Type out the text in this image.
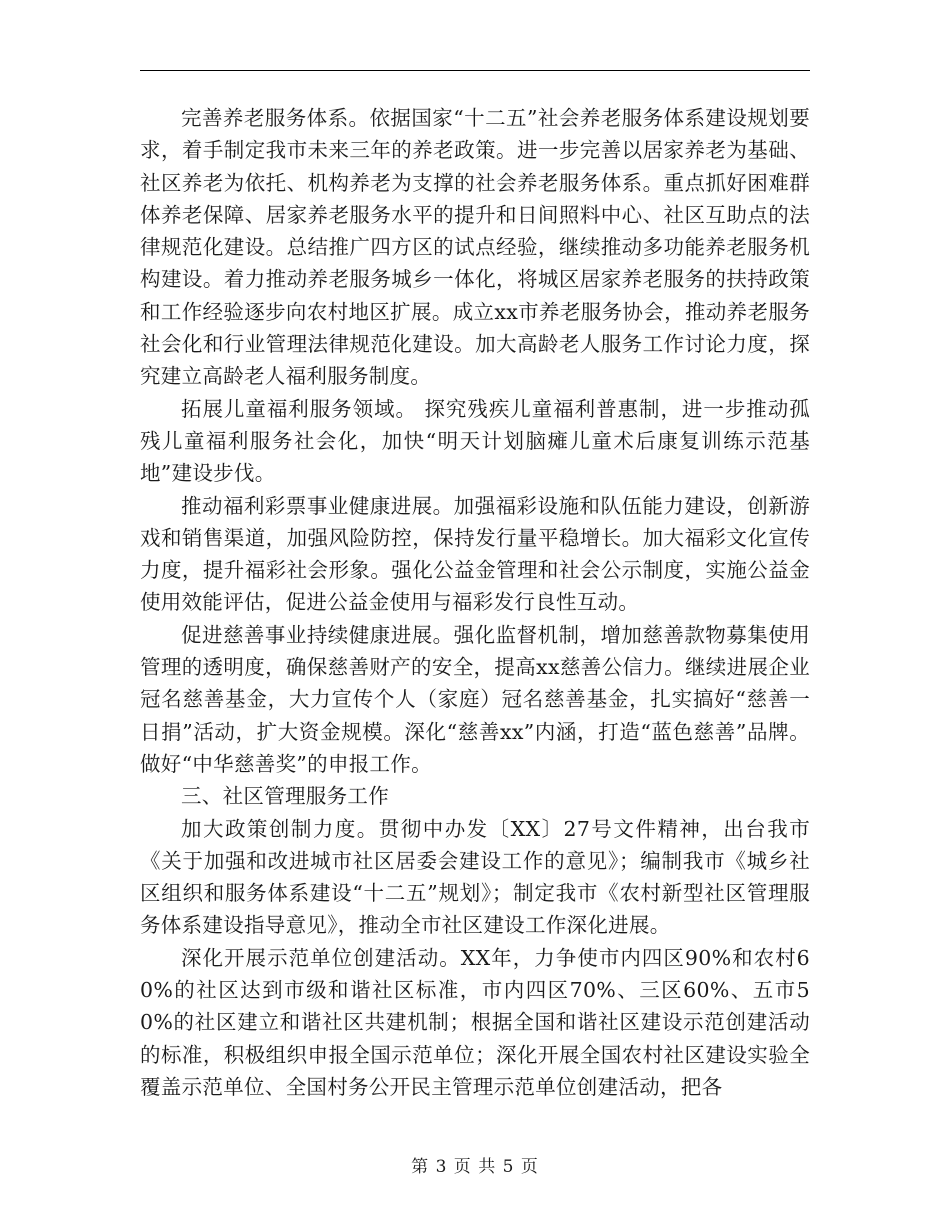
完善养老服务体系。依据国家“十二五”社会养老服务体系建设规划要求，着手制定我市未来三年的养老政策。进一步完善以居家养老为基础、社区养老为依托、机构养老为支撑的社会养老服务体系。重点抓好困难群体养老保障、居家养老服务水平的提升和日间照料中心、社区互助点的法律规范化建设。总结推广四方区的试点经验，继续推动多功能养老服务机构建设。着力推动养老服务城乡一体化，将城区居家养老服务的扶持政策和工作经验逐步向农村地区扩展。成立xx市养老服务协会，推动养老服务社会化和行业管理法律规范化建设。加大高龄老人服务工作讨论力度，探究建立高龄老人福利服务制度。

拓展儿童福利服务领域。 探究残疾儿童福利普惠制，进一步推动孤残儿童福利服务社会化，加快“明天计划脑瘫儿童术后康复训练示范基地”建设步伐。

推动福利彩票事业健康进展。加强福彩设施和队伍能力建设，创新游戏和销售渠道，加强风险防控，保持发行量平稳增长。加大福彩文化宣传力度，提升福彩社会形象。强化公益金管理和社会公示制度，实施公益金使用效能评估，促进公益金使用与福彩发行良性互动。

促进慈善事业持续健康进展。强化监督机制，增加慈善款物募集使用管理的透明度，确保慈善财产的安全，提高xx慈善公信力。继续进展企业冠名慈善基金，大力宣传个人（家庭）冠名慈善基金，扎实搞好“慈善一日捐”活动，扩大资金规模。深化“慈善xx”内涵，打造“蓝色慈善”品牌。做好“中华慈善奖”的申报工作。

三、社区管理服务工作

加大政策创制力度。贯彻中办发〔XX〕27号文件精神，出台我市《关于加强和改进城市社区居委会建设工作的意见》；编制我市《城乡社区组织和服务体系建设“十二五”规划》；制定我市《农村新型社区管理服务体系建设指导意见》，推动全市社区建设工作深化进展。

深化开展示范单位创建活动。XX年，力争使市内四区90%和农村60%的社区达到市级和谐社区标准，市内四区70%、三区60%、五市50%的社区建立和谐社区共建机制；根据全国和谐社区建设示范创建活动的标准，积极组织申报全国示范单位；深化开展全国农村社区建设实验全覆盖示范单位、全国村务公开民主管理示范单位创建活动，把各

第 3 页 共 5 页
